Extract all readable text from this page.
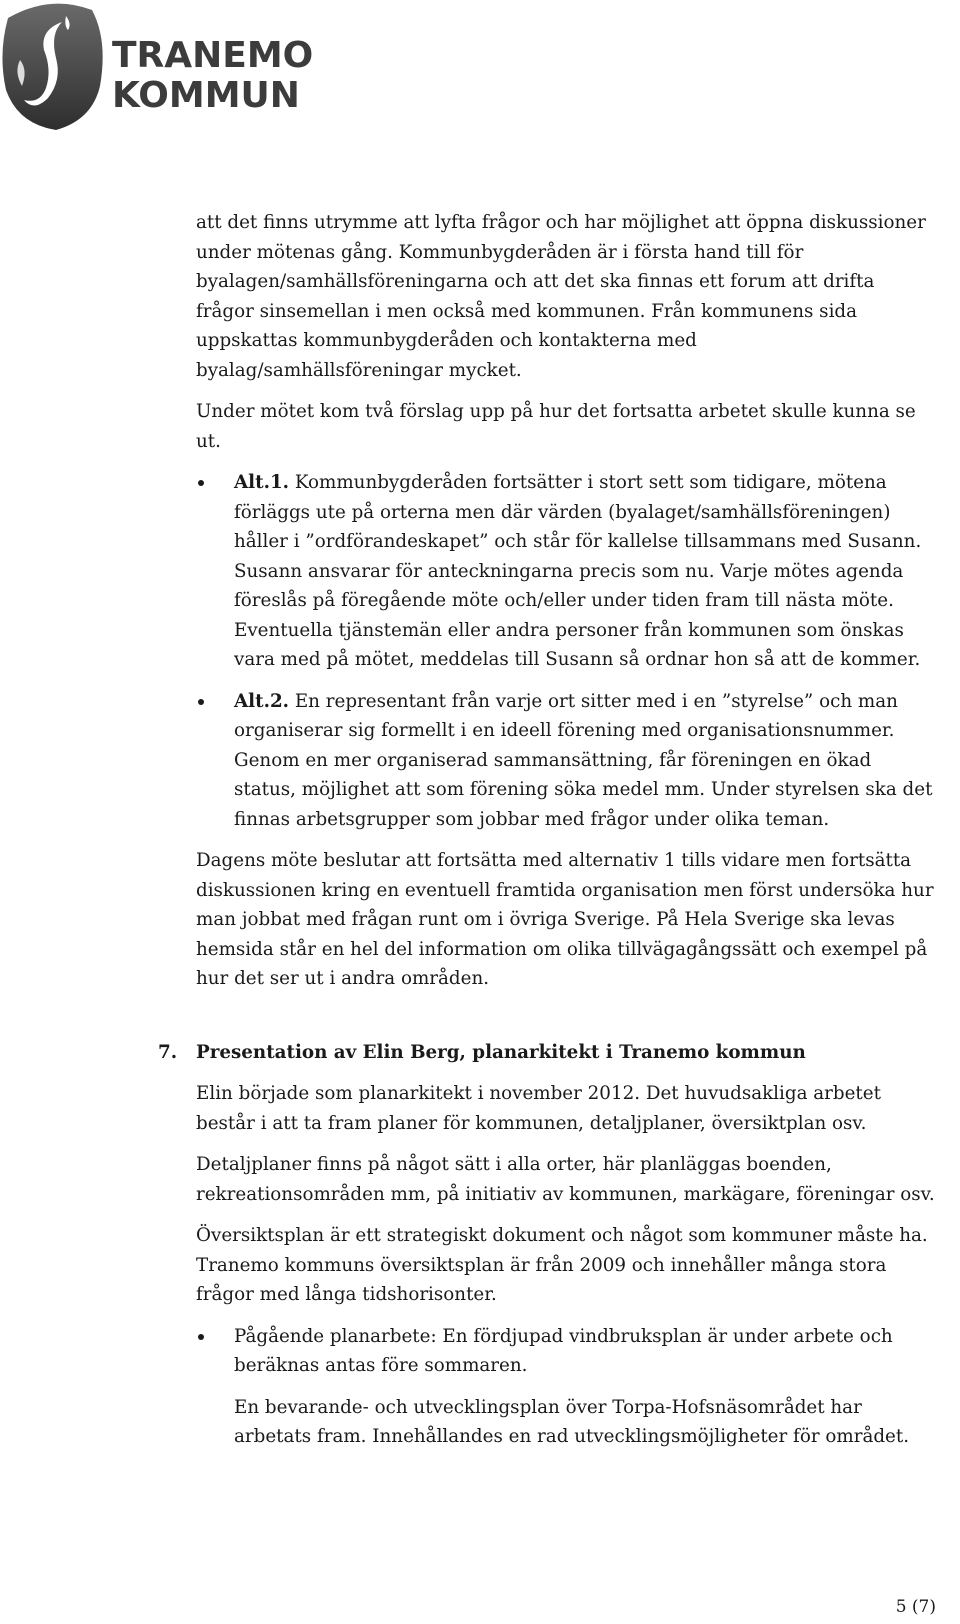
TRANEMO
KOMMUN

att det finns utrymme att lyfta frågor och har möjlighet att öppna diskussioner under mötenas gång. Kommunbygderåden är i första hand till för byalagen/samhällsföreningarna och att det ska finnas ett forum att drifta frågor sinsemellan i men också med kommunen. Från kommunens sida uppskattas kommunbygderåden och kontakterna med byalag/samhällsföreningar mycket.

Under mötet kom två förslag upp på hur det fortsatta arbetet skulle kunna se ut.

Alt.1. Kommunbygderåden fortsätter i stort sett som tidigare, mötena förläggs ute på orterna men där värden (byalaget/samhällsföreningen) håller i ”ordförandeskapet” och står för kallelse tillsammans med Susann. Susann ansvarar för anteckningarna precis som nu. Varje mötes agenda föreslås på föregående möte och/eller under tiden fram till nästa möte. Eventuella tjänstemän eller andra personer från kommunen som önskas vara med på mötet, meddelas till Susann så ordnar hon så att de kommer.
Alt.2. En representant från varje ort sitter med i en ”styrelse” och man organiserar sig formellt i en ideell förening med organisationsnummer. Genom en mer organiserad sammansättning, får föreningen en ökad status, möjlighet att som förening söka medel mm. Under styrelsen ska det finnas arbetsgrupper som jobbar med frågor under olika teman.

Dagens möte beslutar att fortsätta med alternativ 1 tills vidare men fortsätta diskussionen kring en eventuell framtida organisation men först undersöka hur man jobbat med frågan runt om i övriga Sverige. På Hela Sverige ska levas hemsida står en hel del information om olika tillvägagångssätt och exempel på hur det ser ut i andra områden.

7. Presentation av Elin Berg, planarkitekt i Tranemo kommun

Elin började som planarkitekt i november 2012. Det huvudsakliga arbetet består i att ta fram planer för kommunen, detaljplaner, översiktplan osv.

Detaljplaner finns på något sätt i alla orter, här planläggas boenden, rekreationsområden mm, på initiativ av kommunen, markägare, föreningar osv.

Översiktsplan är ett strategiskt dokument och något som kommuner måste ha. Tranemo kommuns översiktsplan är från 2009 och innehåller många stora frågor med långa tidshorisonter.

Pågående planarbete: En fördjupad vindbruksplan är under arbete och beräknas antas före sommaren.

En bevarande- och utvecklingsplan över Torpa-Hofsnäsområdet har arbetats fram. Innehållandes en rad utvecklingsmöjligheter för området.

5 (7)
